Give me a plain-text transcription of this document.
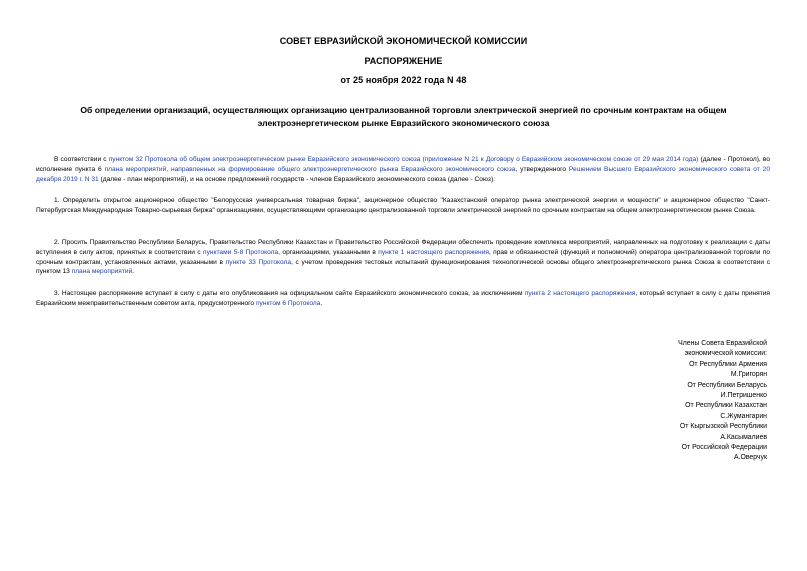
СОВЕТ ЕВРАЗИЙСКОЙ ЭКОНОМИЧЕСКОЙ КОМИССИИ
РАСПОРЯЖЕНИЕ
от 25 ноября 2022 года N 48
Об определении организаций, осуществляющих организацию централизованной торговли электрической энергией по срочным контрактам на общем электроэнергетическом рынке Евразийского экономического союза

В соответствии с пунктом 32 Протокола об общем электроэнергетическом рынке Евразийского экономического союза (приложение N 21 к Договору о Евразийском экономическом союзе от 29 мая 2014 года) (далее - Протокол), во исполнение пункта 6 плана мероприятий, направленных на формирование общего электроэнергетического рынка Евразийского экономического союза, утвержденного Решением Высшего Евразийского экономического совета от 20 декабря 2019 г. N 31 (далее - план мероприятий), и на основе предложений государств - членов Евразийского экономического союза (далее - Союз):

1. Определить открытое акционерное общество "Белорусская универсальная товарная биржа", акционерное общество "Казахстанский оператор рынка электрической энергии и мощности" и акционерное общество "Санкт-Петербургская Международная Товарно-сырьевая биржа" организациями, осуществляющими организацию централизованной торговли электрической энергией по срочным контрактам на общем электроэнергетическом рынке Союза.

2. Просить Правительство Республики Беларусь, Правительство Республики Казахстан и Правительство Российской Федерации обеспечить проведение комплекса мероприятий, направленных на подготовку к реализации с даты вступления в силу актов, принятых в соответствии с пунктами 5-8 Протокола, организациями, указанными в пункте 1 настоящего распоряжения, прав и обязанностей (функций и полномочий) оператора централизованной торговли по срочным контрактам, установленных актами, указанными в пункте 33 Протокола, с учетом проведения тестовых испытаний функционирования технологической основы общего электроэнергетического рынка Союза в соответствии с пунктом 13 плана мероприятий.

3. Настоящее распоряжение вступает в силу с даты его опубликования на официальном сайте Евразийского экономического союза, за исключением пункта 2 настоящего распоряжения, который вступает в силу с даты принятия Евразийским межправительственным советом акта, предусмотренного пунктом 6 Протокола.

Члены Совета Евразийской
экономической комиссии:
От Республики Армения
М.Григорян
От Республики Беларусь
И.Петришенко
От Республики Казахстан
С.Жумангарин
От Кыргызской Республики
А.Касымалиев
От Российской Федерации
А.Оверчук
